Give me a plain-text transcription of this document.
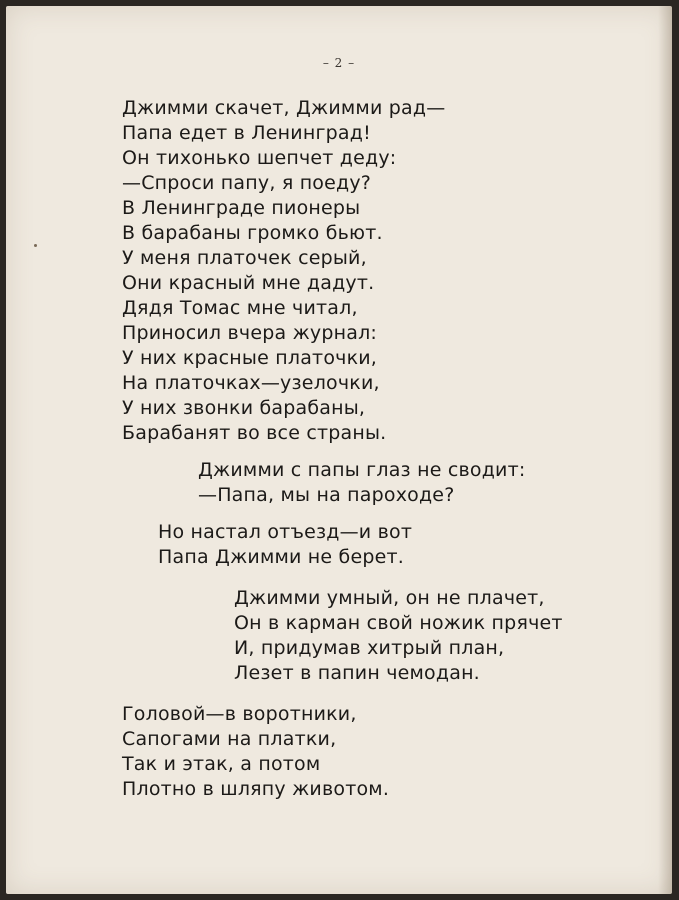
– 2 –
Джимми скачет, Джимми рад—
Папа едет в Ленинград!
Он тихонько шепчет деду:
—Спроси папу, я поеду?
В Ленинграде пионеры
В барабаны громко бьют.
У меня платочек серый,
Они красный мне дадут.
Дядя Томас мне читал,
Приносил вчера журнал:
У них красные платочки,
На платочках—узелочки,
У них звонки барабаны,
Барабанят во все страны.
Джимми с папы глаз не сводит:
—Папа, мы на пароходе?
Но настал отъезд—и вот
Папа Джимми не берет.
Джимми умный, он не плачет,
Он в карман свой ножик прячет
И, придумав хитрый план,
Лезет в папин чемодан.
Головой—в воротники,
Сапогами на платки,
Так и этак, а потом
Плотно в шляпу животом.
